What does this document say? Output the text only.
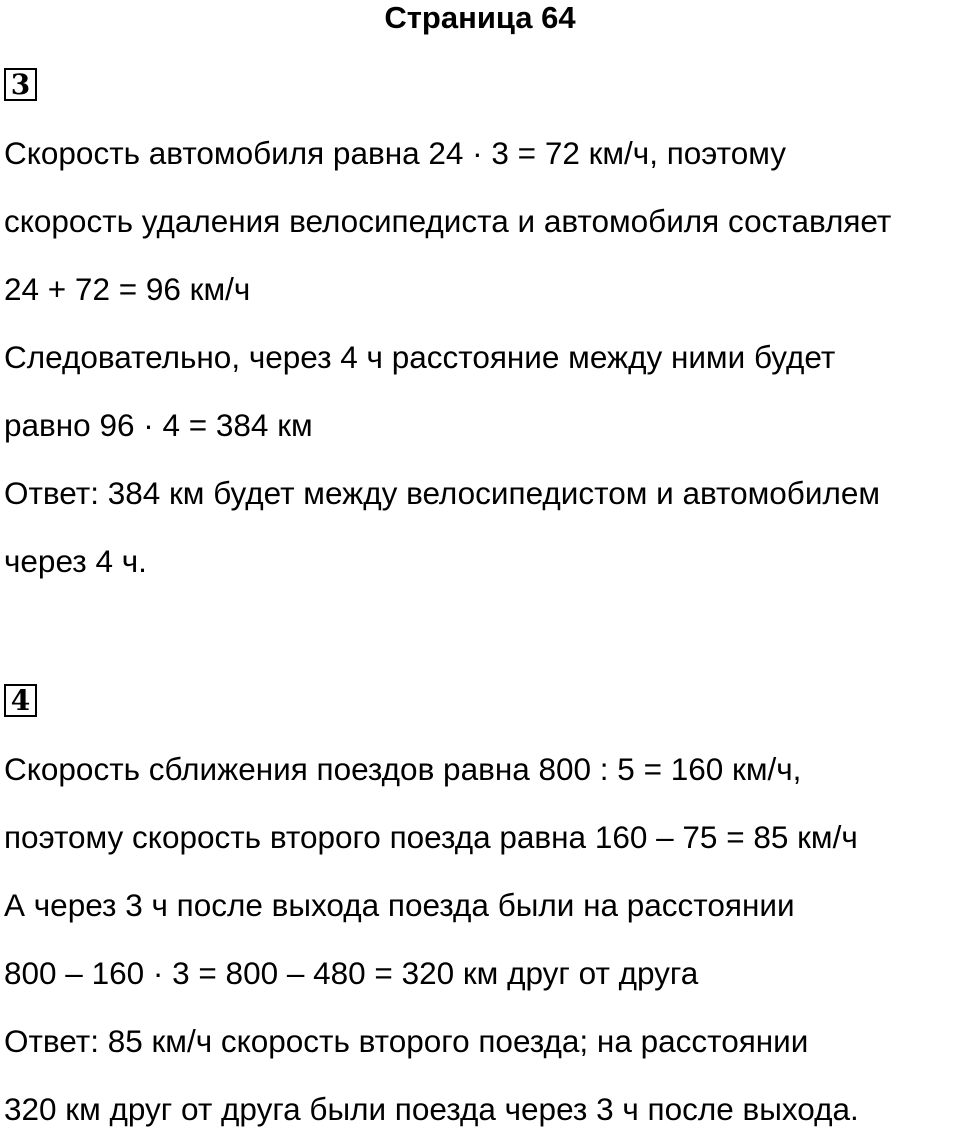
Страница 64
3
Скорость автомобиля равна 24 · 3 = 72 км/ч, поэтому
скорость удаления велосипедиста и автомобиля составляет
24 + 72 = 96 км/ч
Следовательно, через 4 ч расстояние между ними будет
равно 96 · 4 = 384 км
Ответ: 384 км будет между велосипедистом и автомобилем
через 4 ч.
4
Скорость сближения поездов равна 800 : 5 = 160 км/ч,
поэтому скорость второго поезда равна 160 – 75 = 85 км/ч
А через 3 ч после выхода поезда были на расстоянии
800 – 160 · 3 = 800 – 480 = 320 км друг от друга
Ответ: 85 км/ч скорость второго поезда; на расстоянии
320 км друг от друга были поезда через 3 ч после выхода.
